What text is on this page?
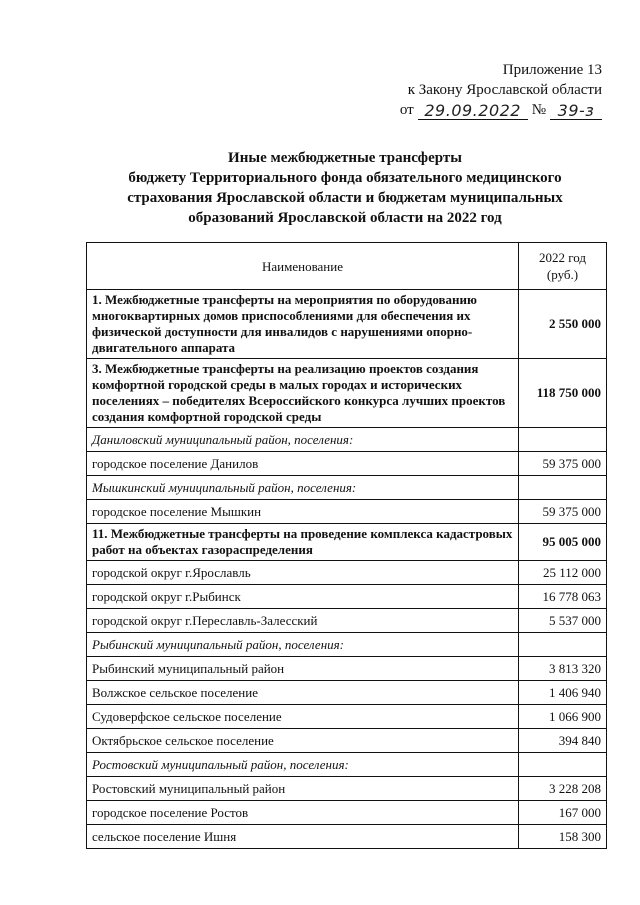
Приложение 13
к Закону Ярославской области
от 29.09.2022 № 39-з
Иные межбюджетные трансферты
бюджету Территориального фонда обязательного медицинского
страхования Ярославской области и бюджетам муниципальных
образований Ярославской области на 2022 год
Наименование	2022 год
(руб.)

1. Межбюджетные трансферты на мероприятия по оборудованию многоквартирных домов приспособлениями для обеспечения их физической доступности для инвалидов с нарушениями опорно-двигательного аппарата	2 550 000
3. Межбюджетные трансферты на реализацию проектов создания комфортной городской среды в малых городах и исторических поселениях – победителях Всероссийского конкурса лучших проектов создания комфортной городской среды	118 750 000
Даниловский муниципальный район, поселения:	
городское поселение Данилов	59 375 000
Мышкинский муниципальный район, поселения:	
городское поселение Мышкин	59 375 000
11. Межбюджетные трансферты на проведение комплекса кадастровых работ на объектах газораспределения	95 005 000
городской округ г.Ярославль	25 112 000
городской округ г.Рыбинск	16 778 063
городской округ г.Переславль-Залесский	5 537 000
Рыбинский муниципальный район, поселения:	
Рыбинский муниципальный район	3 813 320
Волжское сельское поселение	1 406 940
Судоверфское сельское поселение	1 066 900
Октябрьское сельское поселение	394 840
Ростовский муниципальный район, поселения:	
Ростовский муниципальный район	3 228 208
городское поселение Ростов	167 000
сельское поселение Ишня	158 300
